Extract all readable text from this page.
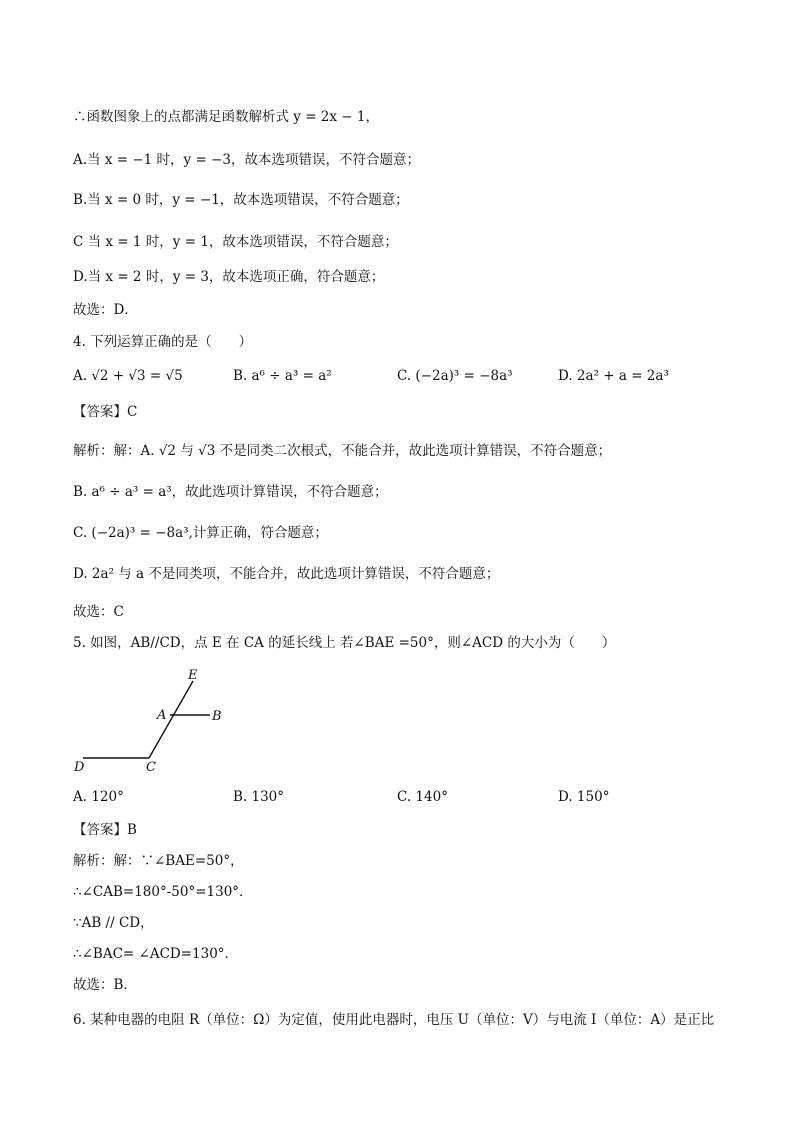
∴函数图象上的点都满足函数解析式 y = 2x − 1，
A.当 x = −1 时，y = −3，故本选项错误，不符合题意；
B.当 x = 0 时，y = −1，故本选项错误，不符合题意；
C 当 x = 1 时，y = 1，故本选项错误，不符合题意；
D.当 x = 2 时，y = 3，故本选项正确，符合题意；
故选：D．
4. 下列运算正确的是（　　）
A. √2 + √3 = √5	B. a⁶ ÷ a³ = a²	C. (−2a)³ = −8a³	D. 2a² + a = 2a³
【答案】C
解析：解：A. √2 与 √3 不是同类二次根式，不能合并，故此选项计算错误，不符合题意；
B. a⁶ ÷ a³ = a³，故此选项计算错误，不符合题意；
C. (−2a)³ = −8a³,计算正确，符合题意；
D. 2a² 与 a 不是同类项，不能合并，故此选项计算错误，不符合题意；
故选：C
5. 如图，AB//CD，点 E 在 CA 的延长线上 若∠BAE =50°，则∠ACD 的大小为（　　）
E
A	B
D	C
A. 120°	B. 130°	C. 140°	D. 150°
【答案】B
解析：解：∵∠BAE=50°，
∴∠CAB=180°-50°=130°．
∵AB // CD，
∴∠BAC= ∠ACD=130°．
故选：B．
6. 某种电器的电阻 R（单位：Ω）为定值，使用此电器时，电压 U（单位：V）与电流 I（单位：A）是正比
